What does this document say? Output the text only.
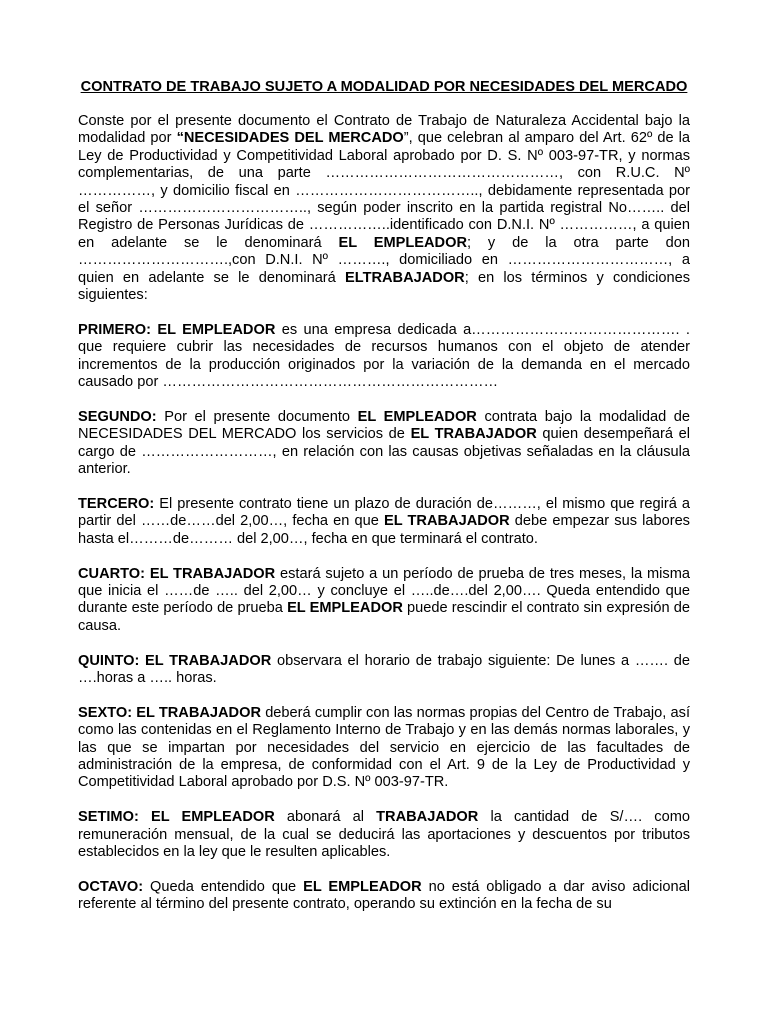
CONTRATO DE TRABAJO SUJETO A MODALIDAD POR NECESIDADES DEL MERCADO

Conste por el presente documento el Contrato de Trabajo de Naturaleza Accidental bajo la modalidad por “NECESIDADES DEL MERCADO”, que celebran al amparo del Art. 62º de la Ley de Productividad y Competitividad Laboral aprobado por D. S. Nº 003-97-TR, y normas complementarias, de una parte …………………………………………, con R.U.C. Nº ……………, y domicilio fiscal en ……………………………….., debidamente representada por el señor …………………………….., según poder inscrito en la partida registral No…….. del Registro de Personas Jurídicas de ……………..identificado con D.N.I. Nº ……………, a quien en adelante se le denominará EL EMPLEADOR; y de la otra parte don ………………………….,con D.N.I. Nº ………., domiciliado en ……………………………, a quien en adelante se le denominará ELTRABAJADOR; en los términos y condiciones siguientes:

PRIMERO: EL EMPLEADOR es una empresa dedicada a……………………………………. . que requiere cubrir las necesidades de recursos humanos con el objeto de atender incrementos de la producción originados por la variación de la demanda en el mercado causado por ……………………………………………………………

SEGUNDO: Por el presente documento EL EMPLEADOR contrata bajo la modalidad de NECESIDADES DEL MERCADO los servicios de EL TRABAJADOR quien desempeñará el cargo de ………………………, en relación con las causas objetivas señaladas en la cláusula anterior.

TERCERO: El presente contrato tiene un plazo de duración de………, el mismo que regirá a partir del ……de……del 2,00…, fecha en que EL TRABAJADOR debe empezar sus labores hasta el………de……… del 2,00…, fecha en que terminará el contrato.

CUARTO: EL TRABAJADOR estará sujeto a un período de prueba de tres meses, la misma que inicia el ……de ….. del 2,00… y concluye el …..de….del 2,00…. Queda entendido que durante este período de prueba EL EMPLEADOR puede rescindir el contrato sin expresión de causa.

QUINTO: EL TRABAJADOR observara el horario de trabajo siguiente: De lunes a ……. de ….horas a ….. horas.

SEXTO: EL TRABAJADOR deberá cumplir con las normas propias del Centro de Trabajo, así como las contenidas en el Reglamento Interno de Trabajo y en las demás normas laborales, y las que se impartan por necesidades del servicio en ejercicio de las facultades de administración de la empresa, de conformidad con el Art. 9 de la Ley de Productividad y Competitividad Laboral aprobado por D.S. Nº 003-97-TR.

SETIMO: EL EMPLEADOR abonará al TRABAJADOR la cantidad de S/…. como remuneración mensual, de la cual se deducirá las aportaciones y descuentos por tributos establecidos en la ley que le resulten aplicables.

OCTAVO: Queda entendido que EL EMPLEADOR no está obligado a dar aviso adicional referente al término del presente contrato, operando su extinción en la fecha de su
